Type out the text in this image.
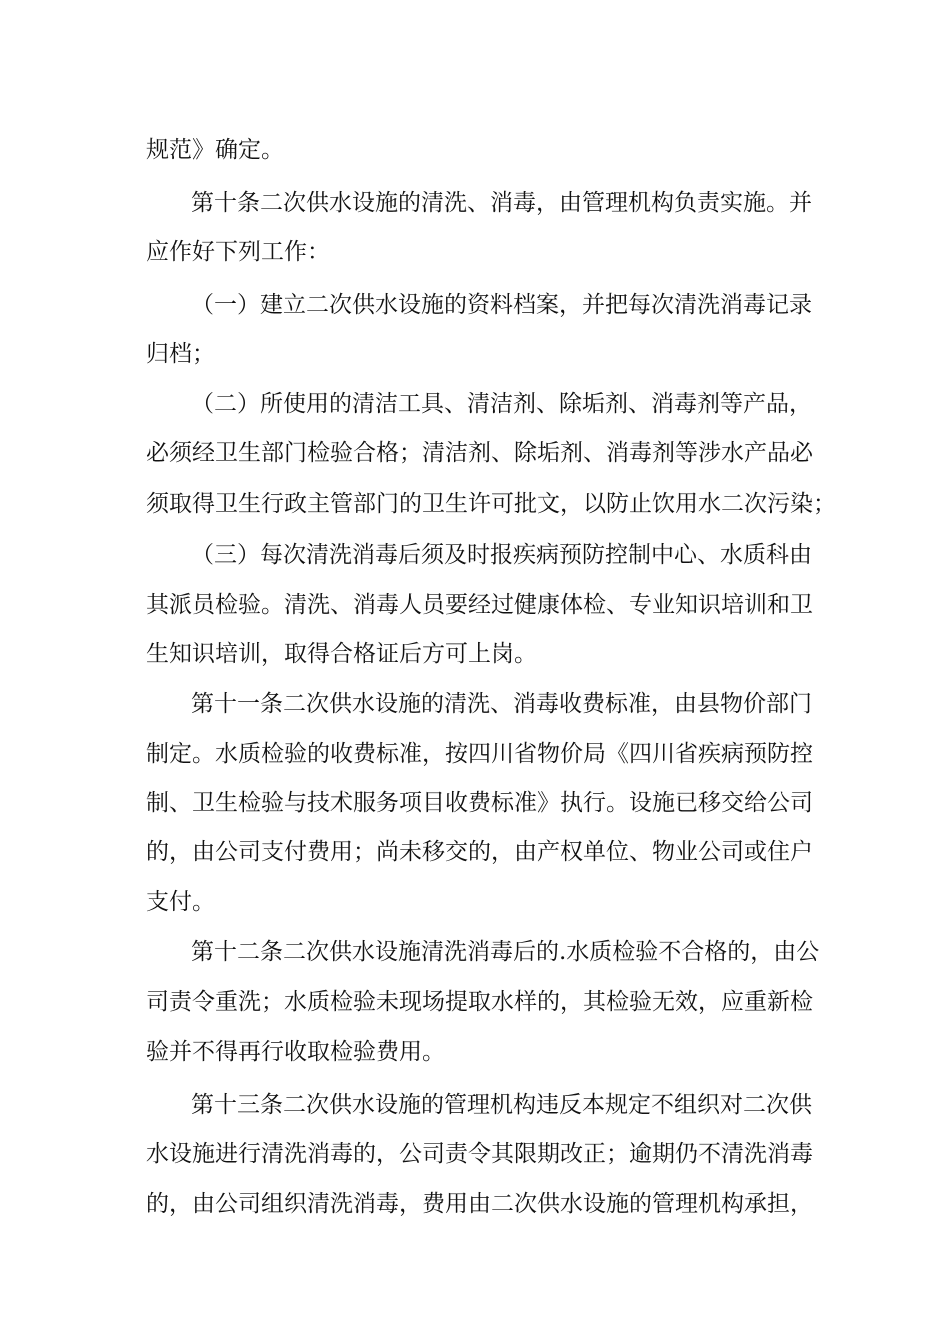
规范》确定。
第十条二次供水设施的清洗、消毒，由管理机构负责实施。并
应作好下列工作：
（一）建立二次供水设施的资料档案，并把每次清洗消毒记录
归档；
（二）所使用的清洁工具、清洁剂、除垢剂、消毒剂等产品，
必须经卫生部门检验合格；清洁剂、除垢剂、消毒剂等涉水产品必
须取得卫生行政主管部门的卫生许可批文，以防止饮用水二次污染；
（三）每次清洗消毒后须及时报疾病预防控制中心、水质科由
其派员检验。清洗、消毒人员要经过健康体检、专业知识培训和卫
生知识培训，取得合格证后方可上岗。
第十一条二次供水设施的清洗、消毒收费标准，由县物价部门
制定。水质检验的收费标准，按四川省物价局《四川省疾病预防控
制、卫生检验与技术服务项目收费标准》执行。设施已移交给公司
的，由公司支付费用；尚未移交的，由产权单位、物业公司或住户
支付。
第十二条二次供水设施清洗消毒后的.水质检验不合格的，由公
司责令重洗；水质检验未现场提取水样的，其检验无效，应重新检
验并不得再行收取检验费用。
第十三条二次供水设施的管理机构违反本规定不组织对二次供
水设施进行清洗消毒的，公司责令其限期改正；逾期仍不清洗消毒
的，由公司组织清洗消毒，费用由二次供水设施的管理机构承担，
